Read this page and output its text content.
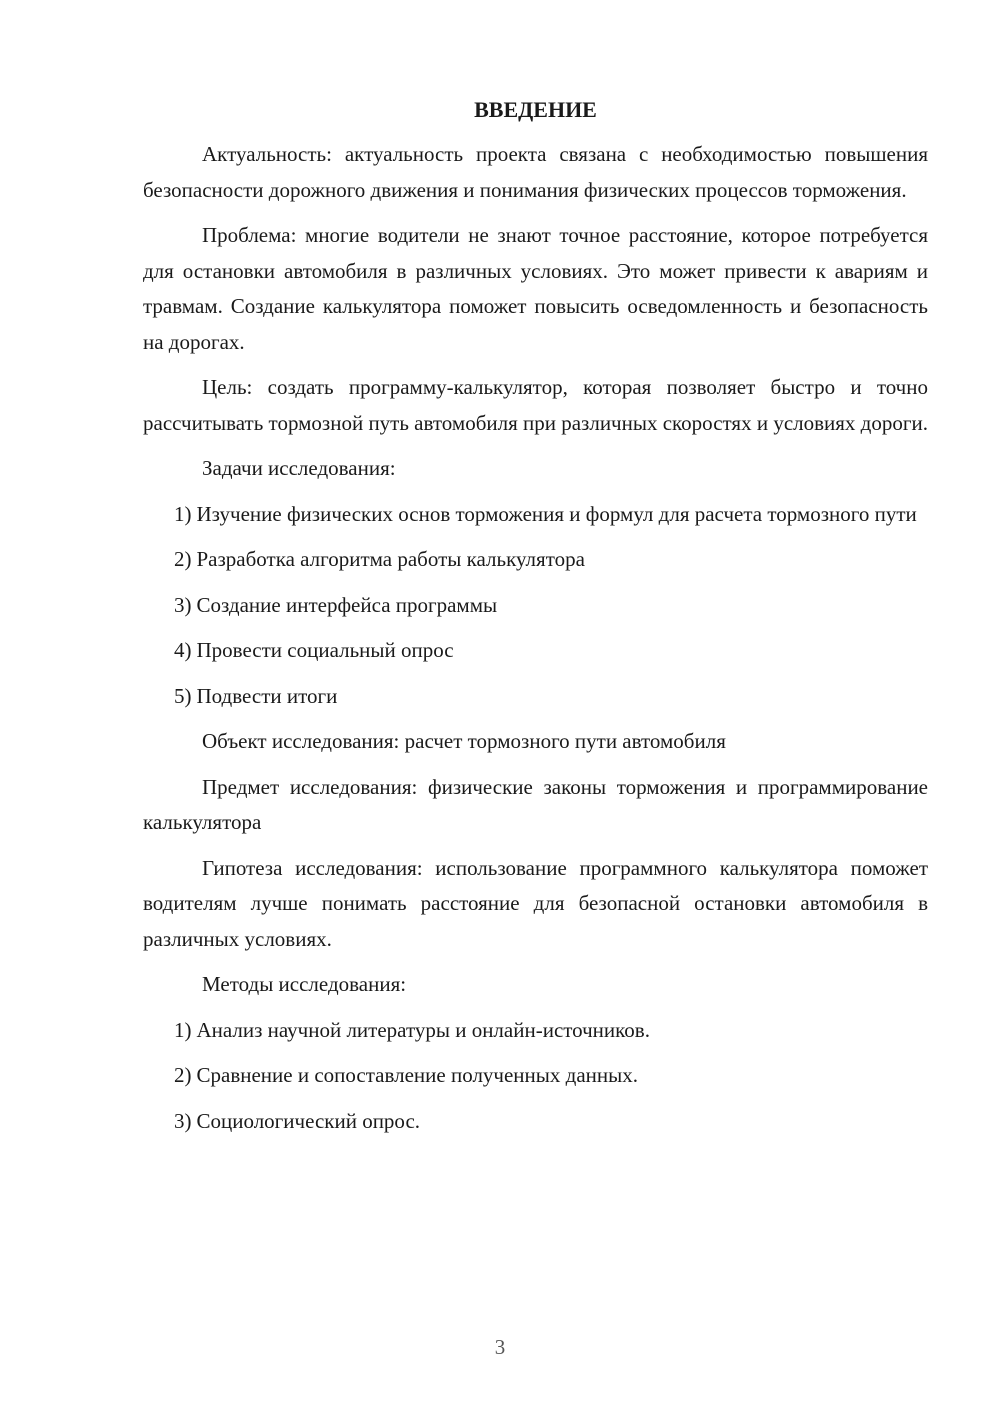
ВВЕДЕНИЕ

Актуальность: актуальность проекта связана с необходимостью повышения безопасности дорожного движения и понимания физических процессов торможения.

Проблема: многие водители не знают точное расстояние, которое потребуется для остановки автомобиля в различных условиях. Это может привести к авариям и травмам. Создание калькулятора поможет повысить осведомленность и безопасность на дорогах.

Цель: создать программу-калькулятор, которая позволяет быстро и точно рассчитывать тормозной путь автомобиля при различных скоростях и условиях дороги.

Задачи исследования:

1) Изучение физических основ торможения и формул для расчета тормозного пути

2) Разработка алгоритма работы калькулятора

3) Создание интерфейса программы

4) Провести социальный опрос

5) Подвести итоги

Объект исследования: расчет тормозного пути автомобиля

Предмет исследования: физические законы торможения и программирование калькулятора

Гипотеза исследования: использование программного калькулятора поможет водителям лучше понимать расстояние для безопасной остановки автомобиля в различных условиях.

Методы исследования:

1) Анализ научной литературы и онлайн-источников.

2) Сравнение и сопоставление полученных данных.

3) Социологический опрос.

3
